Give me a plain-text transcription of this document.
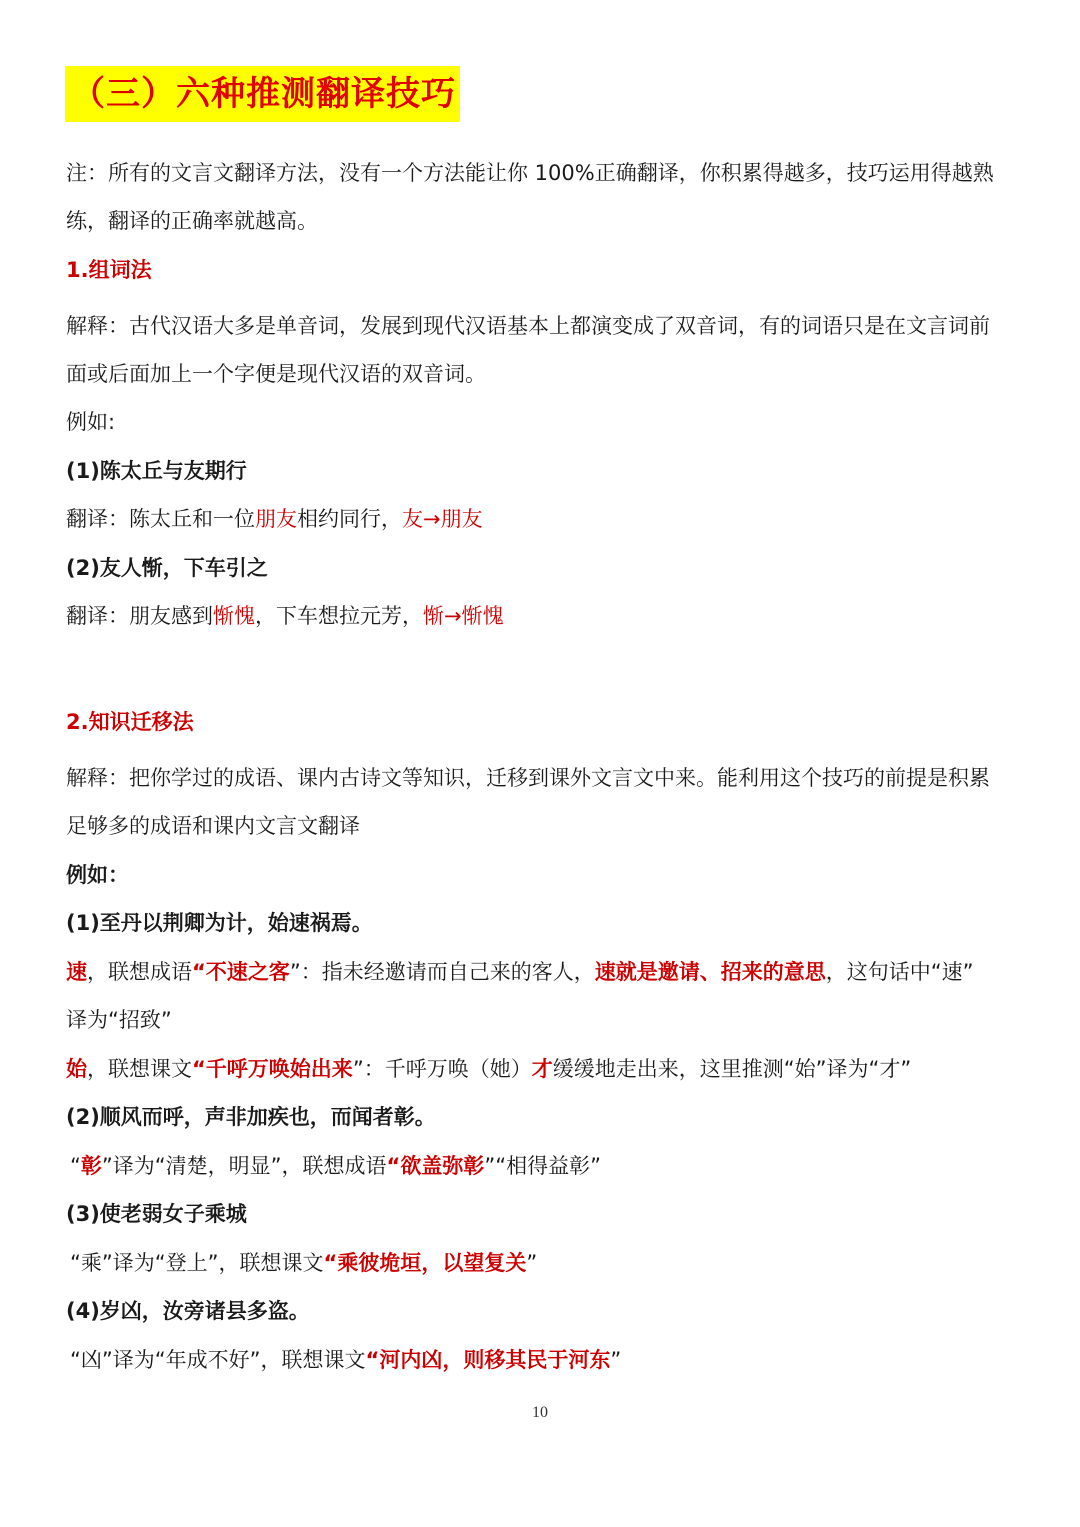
（三）六种推测翻译技巧
注：所有的文言文翻译方法，没有一个方法能让你 100%正确翻译，你积累得越多，技巧运用得越熟
练，翻译的正确率就越高。
1.组词法
解释：古代汉语大多是单音词，发展到现代汉语基本上都演变成了双音词，有的词语只是在文言词前
面或后面加上一个字便是现代汉语的双音词。
例如:
(1)陈太丘与友期行
翻译：陈太丘和一位朋友相约同行，友→朋友
(2)友人惭，下车引之
翻译：朋友感到惭愧，下车想拉元芳，惭→惭愧
2.知识迁移法
解释：把你学过的成语、课内古诗文等知识，迁移到课外文言文中来。能利用这个技巧的前提是积累
足够多的成语和课内文言文翻译
例如：
(1)至丹以荆卿为计，始速祸焉。
速，联想成语“不速之客”：指未经邀请而自己来的客人，速就是邀请、招来的意思，这句话中“速”
译为“招致”
始，联想课文“千呼万唤始出来”：千呼万唤（她）才缓缓地走出来，这里推测“始”译为“才”
(2)顺风而呼，声非加疾也，而闻者彰。
“彰”译为“清楚，明显”，联想成语“欲盖弥彰”“相得益彰”
(3)使老弱女子乘城
“乘”译为“登上”，联想课文“乘彼垝垣，以望复关”
(4)岁凶，汝旁诸县多盗。
“凶”译为“年成不好”，联想课文“河内凶，则移其民于河东”
10
